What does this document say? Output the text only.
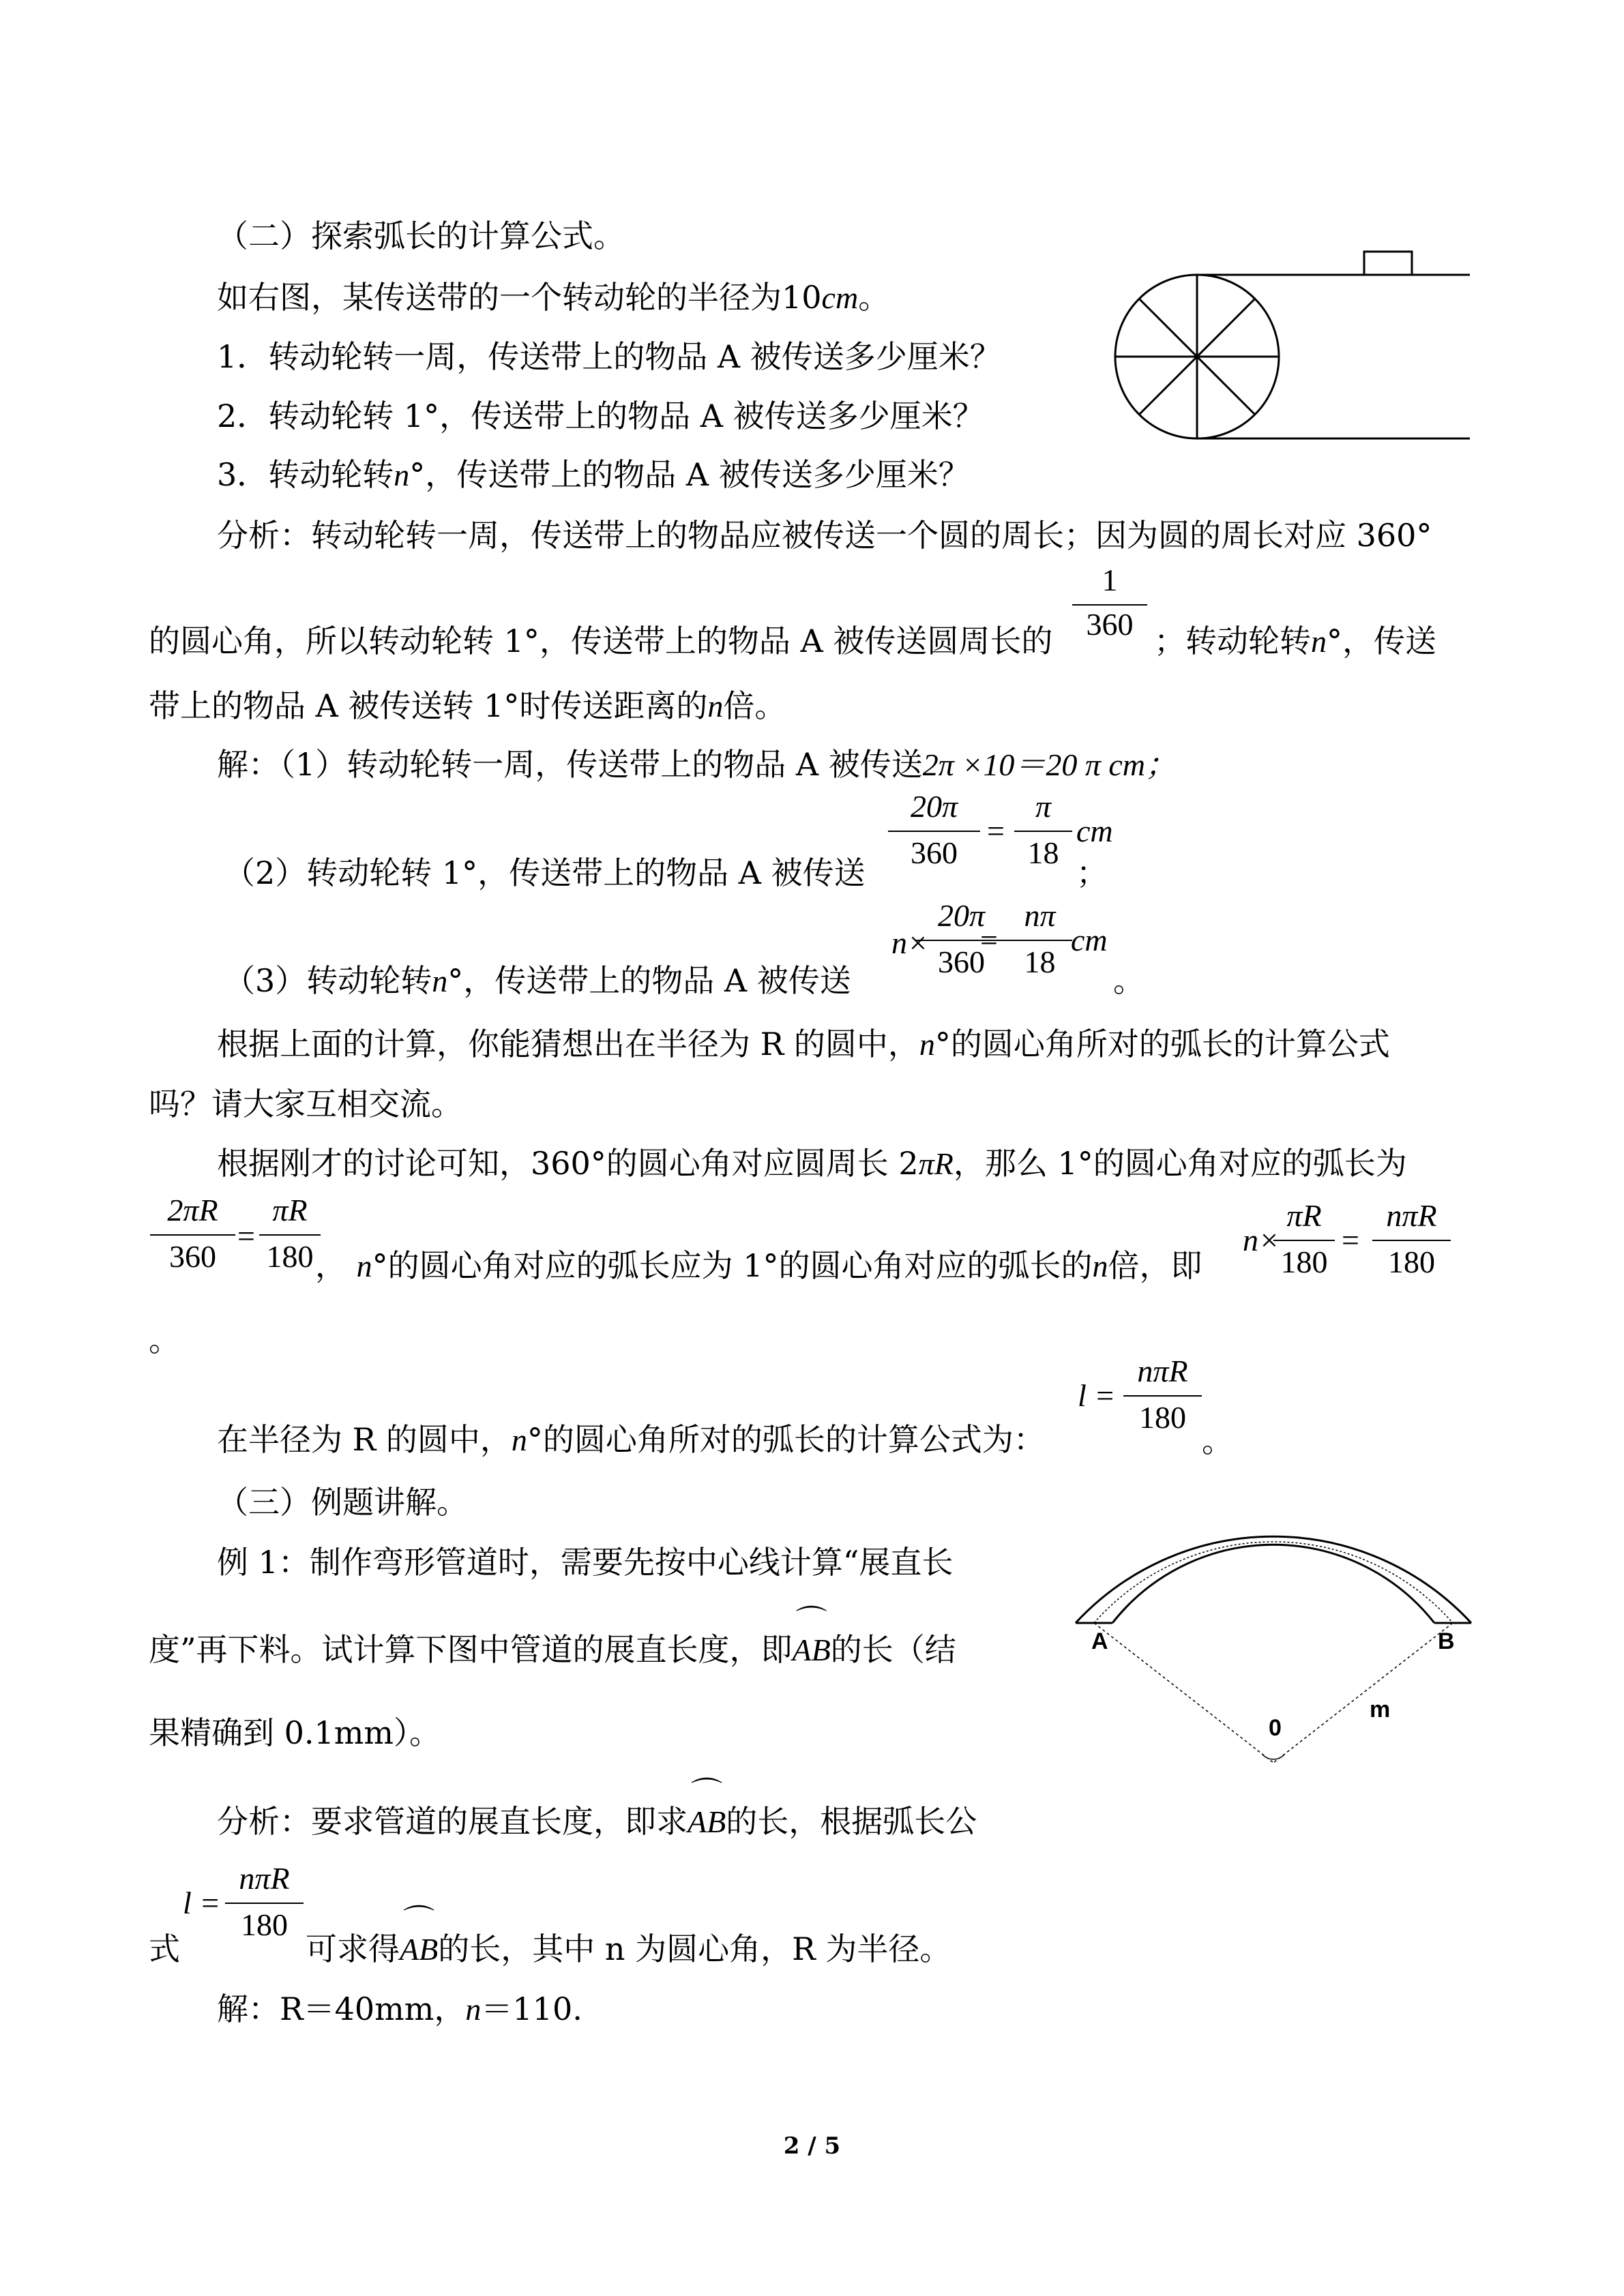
（二）探索弧长的计算公式。
如右图，某传送带的一个转动轮的半径为10cm。
1．转动轮转一周，传送带上的物品 A 被传送多少厘米？
2．转动轮转 1°，传送带上的物品 A 被传送多少厘米？
3．转动轮转n°，传送带上的物品 A 被传送多少厘米？
分析：转动轮转一周，传送带上的物品应被传送一个圆的周长；因为圆的周长对应 360°
的圆心角，所以转动轮转 1°，传送带上的物品 A 被传送圆周长的
1
360 ；转动轮转n°，传送
带上的物品 A 被传送转 1°时传送距离的n倍。
解：（1）转动轮转一周，传送带上的物品 A 被传送2π ×10＝20 π cm；
20π
360
=
π
18
cm
（2）转动轮转 1°，传送带上的物品 A 被传送	；
n×
20π
360
=
nπ
18
cm
（3）转动轮转n°，传送带上的物品 A 被传送	。
根据上面的计算，你能猜想出在半径为 R 的圆中，n°的圆心角所对的弧长的计算公式
吗？请大家互相交流。
根据刚才的讨论可知，360°的圆心角对应圆周长 2πR，那么 1°的圆心角对应的弧长为
2πR
360
=
πR
180 ， n°的圆心角对应的弧长应为 1°的圆心角对应的弧长的n倍，即
n×
πR
180
=
nπR
180
。
l =
nπR
180
在半径为 R 的圆中，n°的圆心角所对的弧长的计算公式为：	。
（三）例题讲解。
例 1：制作弯形管道时，需要先按中心线计算“展直长
度”再下料。试计算下图中管道的展直长度，即
⌒
AB的长（结
果精确到 0.1mm）。
A	B
0
m
分析：要求管道的展直长度，即求
⌒
AB的长，根据弧长公
l =
nπR
180
式	可求得
⌒
AB的长，其中 n 为圆心角，R 为半径。
解：R＝40mm，n＝110.
2 / 5
